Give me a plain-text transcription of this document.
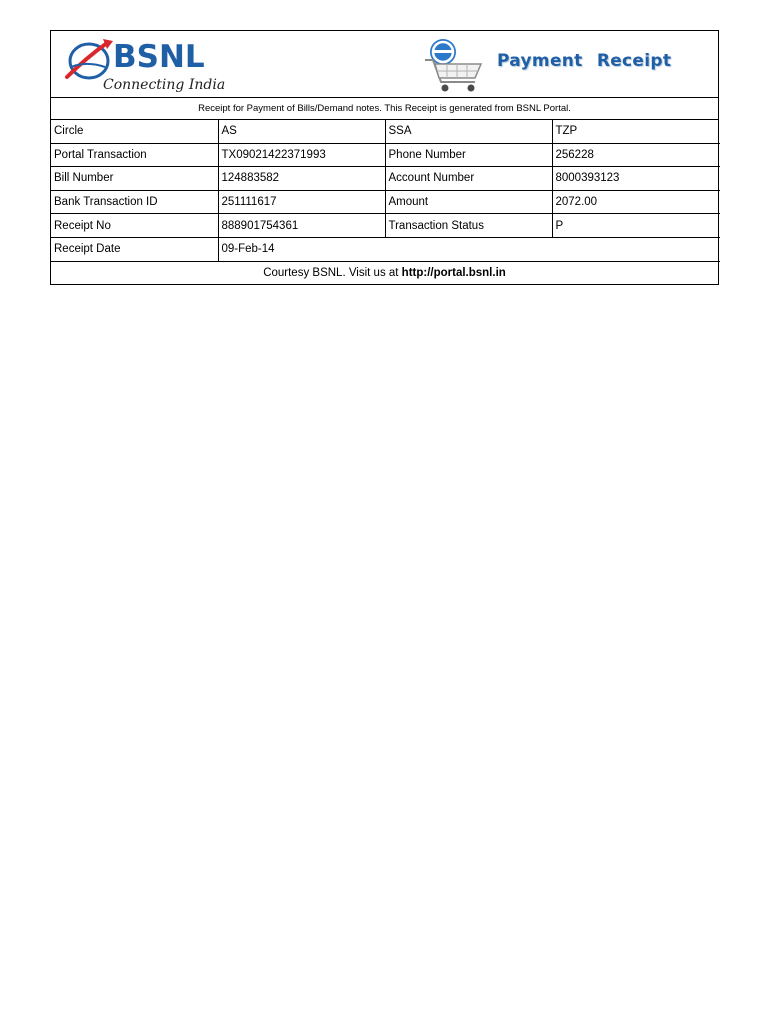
BSNL
Connecting India
Payment Receipt
Receipt for Payment of Bills/Demand notes. This Receipt is generated from BSNL Portal.
Circle	AS	SSA	TZP
Portal Transaction	TX09021422371993	Phone Number	256228
Bill Number	124883582	Account Number	8000393123
Bank Transaction ID	251111617	Amount	2072.00
Receipt No	888901754361	Transaction Status	P
Receipt Date	09-Feb-14		
Courtesy BSNL. Visit us at http://portal.bsnl.in
